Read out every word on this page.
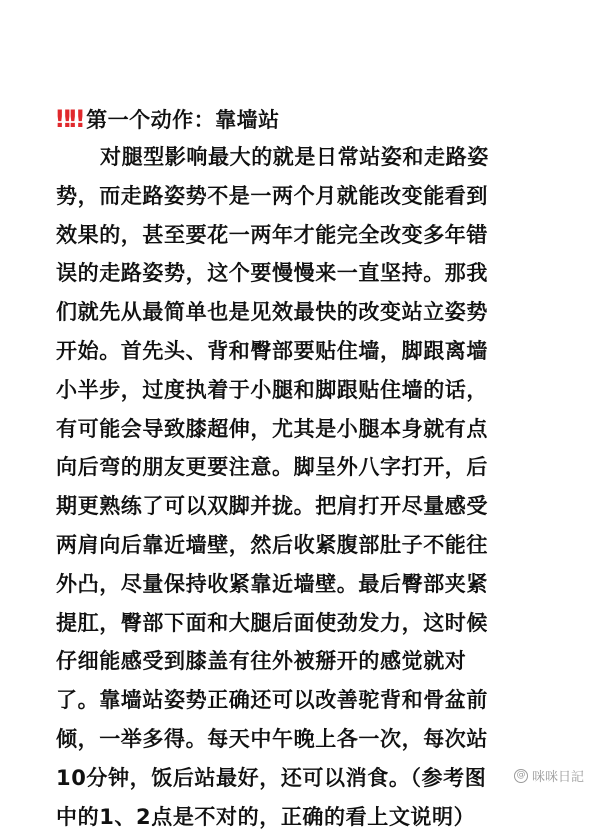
‼‼ 第一个动作：靠墙站
对腿型影响最大的就是日常站姿和走路姿
势，而走路姿势不是一两个月就能改变能看到
效果的，甚至要花一两年才能完全改变多年错
误的走路姿势，这个要慢慢来一直坚持。那我
们就先从最简单也是见效最快的改变站立姿势
开始。首先头、背和臀部要贴住墙，脚跟离墙
小半步，过度执着于小腿和脚跟贴住墙的话，
有可能会导致膝超伸，尤其是小腿本身就有点
向后弯的朋友更要注意。脚呈外八字打开，后
期更熟练了可以双脚并拢。把肩打开尽量感受
两肩向后靠近墙壁，然后收紧腹部肚子不能往
外凸，尽量保持收紧靠近墙壁。最后臀部夹紧
提肛，臀部下面和大腿后面使劲发力，这时候
仔细能感受到膝盖有往外被掰开的感觉就对
了。靠墙站姿势正确还可以改善驼背和骨盆前
倾，一举多得。每天中午晚上各一次，每次站
10分钟，饭后站最好，还可以消食。（参考图
中的1、2点是不对的，正确的看上文说明）
@ 咪咪日記
